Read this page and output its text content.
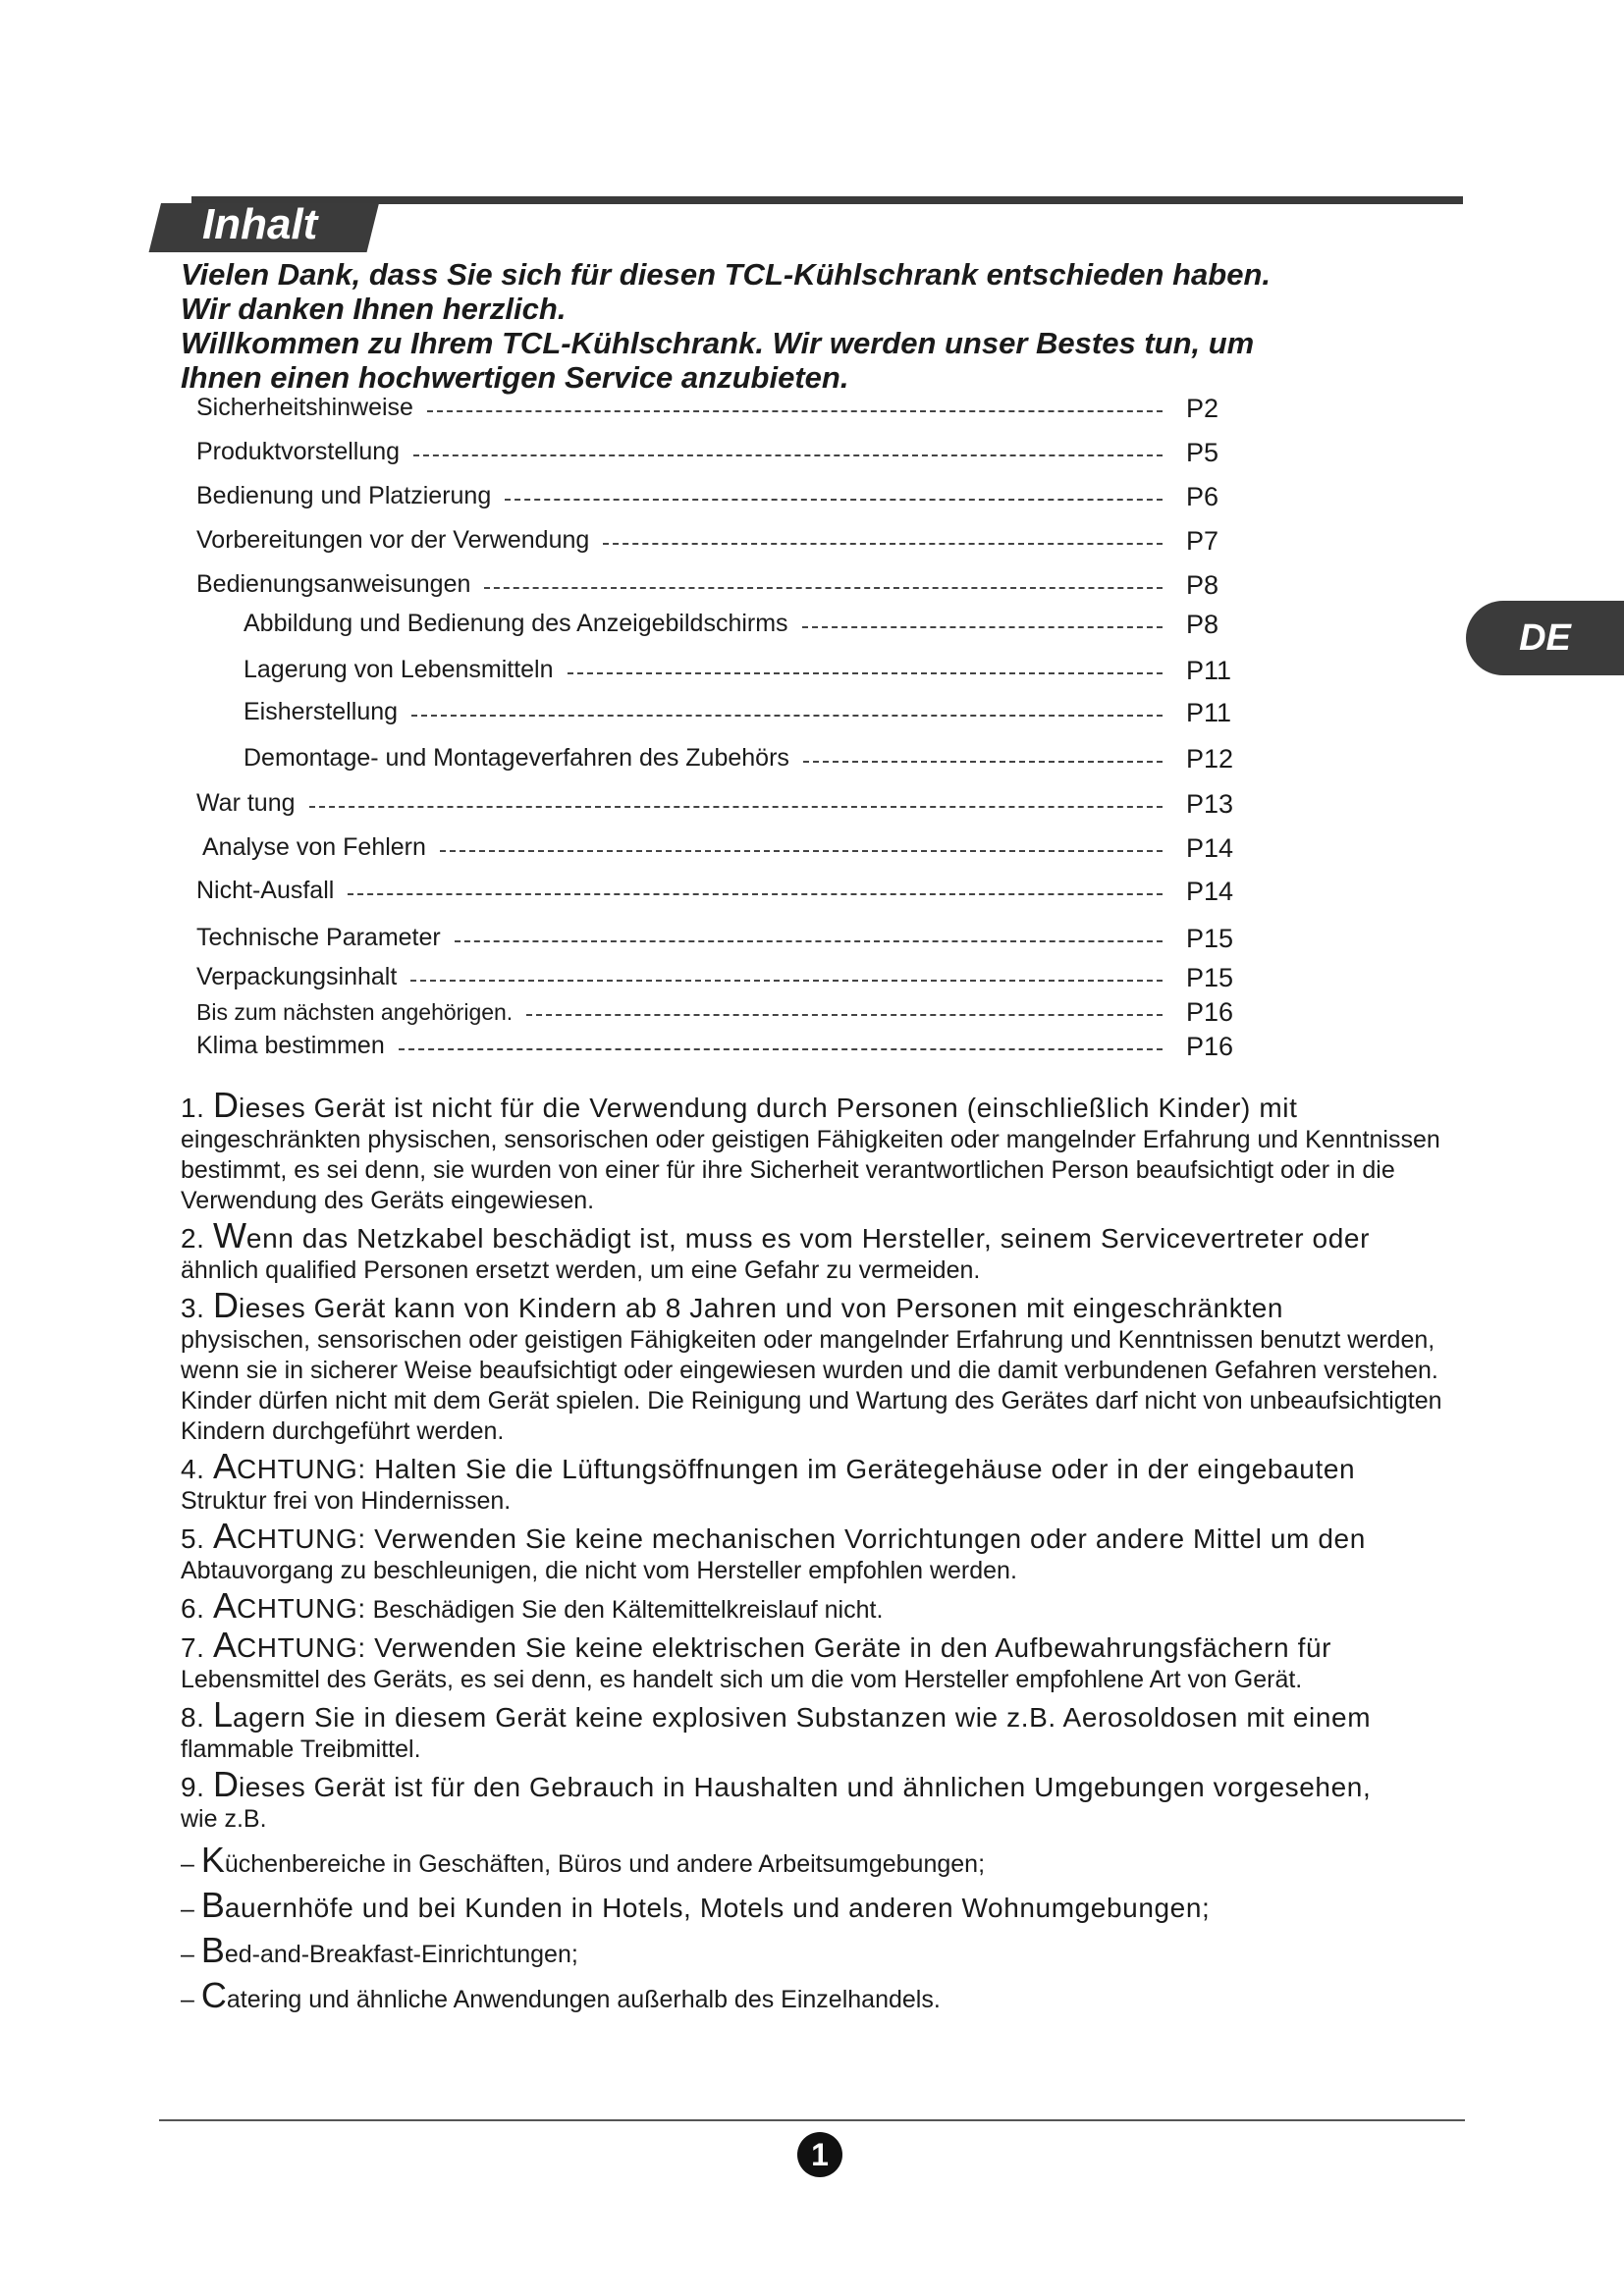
Inhalt
Vielen Dank, dass Sie sich für diesen TCL-Kühlschrank entschieden haben.
Wir danken Ihnen herzlich.
Willkommen zu Ihrem TCL-Kühlschrank. Wir werden unser Bestes tun, um
Ihnen einen hochwertigen Service anzubieten.
Sicherheitshinweise	P2
Produktvorstellung	P5
Bedienung und Platzierung	P6
Vorbereitungen vor der Verwendung	P7
Bedienungsanweisungen	P8
Abbildung und Bedienung des Anzeigebildschirms	P8
Lagerung von Lebensmitteln	P11
Eisherstellung	P11
Demontage- und Montageverfahren des Zubehörs	P12
War tung	P13
Analyse von Fehlern	P14
Nicht-Ausfall	P14
Technische Parameter	P15
Verpackungsinhalt	P15
Bis zum nächsten angehörigen.	P16
Klima bestimmen	P16
DE
1. Dieses Gerät ist nicht für die Verwendung durch Personen (einschließlich Kinder) mit
eingeschränkten physischen, sensorischen oder geistigen Fähigkeiten oder mangelnder Erfahrung und Kenntnissen bestimmt, es sei denn, sie wurden von einer für ihre Sicherheit verantwortlichen Person beaufsichtigt oder in die Verwendung des Geräts eingewiesen.
2. Wenn das Netzkabel beschädigt ist, muss es vom Hersteller, seinem Servicevertreter oder
ähnlich qualified Personen ersetzt werden, um eine Gefahr zu vermeiden.
3. Dieses Gerät kann von Kindern ab 8 Jahren und von Personen mit eingeschränkten
physischen, sensorischen oder geistigen Fähigkeiten oder mangelnder Erfahrung und Kenntnissen benutzt werden, wenn sie in sicherer Weise beaufsichtigt oder eingewiesen wurden und die damit verbundenen Gefahren verstehen. Kinder dürfen nicht mit dem Gerät spielen. Die Reinigung und Wartung des Gerätes darf nicht von unbeaufsichtigten Kindern durchgeführt werden.
4. ACHTUNG: Halten Sie die Lüftungsöffnungen im Gerätegehäuse oder in der eingebauten
Struktur frei von Hindernissen.
5. ACHTUNG: Verwenden Sie keine mechanischen Vorrichtungen oder andere Mittel um den
Abtauvorgang zu beschleunigen, die nicht vom Hersteller empfohlen werden.
6. ACHTUNG: Beschädigen Sie den Kältemittelkreislauf nicht.
7. ACHTUNG: Verwenden Sie keine elektrischen Geräte in den Aufbewahrungsfächern für
Lebensmittel des Geräts, es sei denn, es handelt sich um die vom Hersteller empfohlene Art von Gerät.
8. Lagern Sie in diesem Gerät keine explosiven Substanzen wie z.B. Aerosoldosen mit einem
flammable Treibmittel.
9. Dieses Gerät ist für den Gebrauch in Haushalten und ähnlichen Umgebungen vorgesehen,
wie z.B.
– Küchenbereiche in Geschäften, Büros und andere Arbeitsumgebungen;
– Bauernhöfe und bei Kunden in Hotels, Motels und anderen Wohnumgebungen;
– Bed-and-Breakfast-Einrichtungen;
– Catering und ähnliche Anwendungen außerhalb des Einzelhandels.
1
